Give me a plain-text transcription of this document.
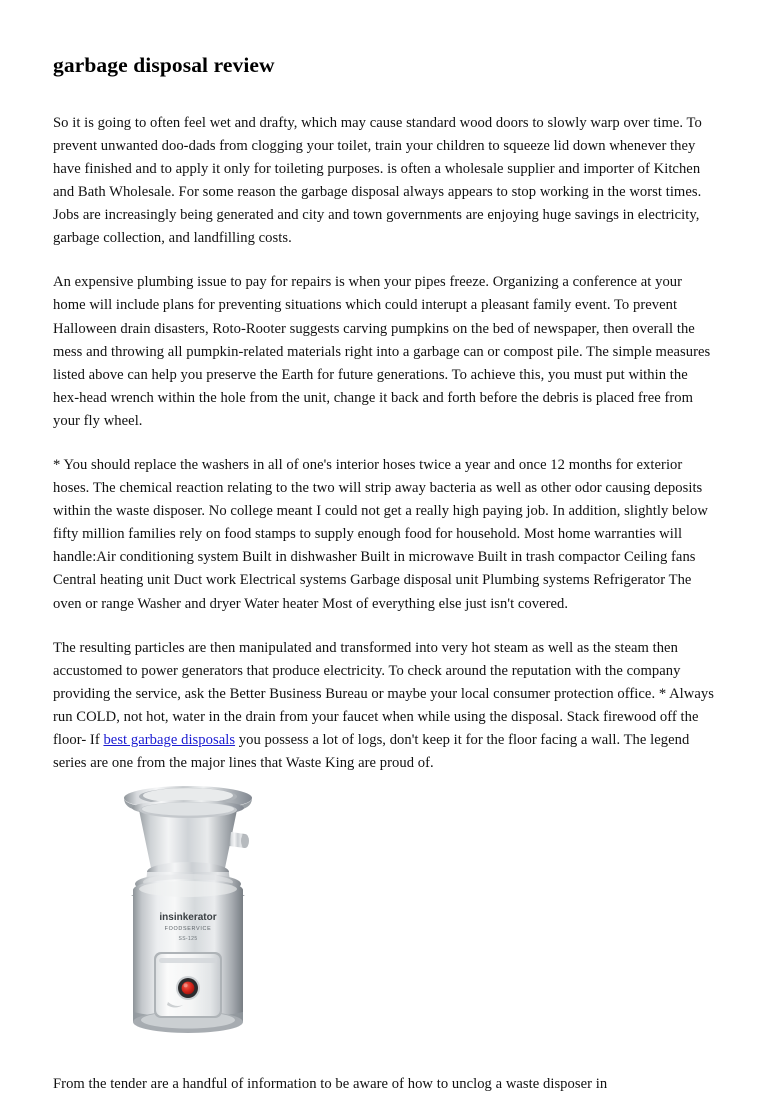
garbage disposal review

So it is going to often feel wet and drafty, which may cause standard wood doors to slowly warp over time. To prevent unwanted doo-dads from clogging your toilet, train your children to squeeze lid down whenever they have finished and to apply it only for toileting purposes. is often a wholesale supplier and importer of Kitchen and Bath Wholesale. For some reason the garbage disposal always appears to stop working in the worst times. Jobs are increasingly being generated and city and town governments are enjoying huge savings in electricity, garbage collection, and landfilling costs.

An expensive plumbing issue to pay for repairs is when your pipes freeze. Organizing a conference at your home will include plans for preventing situations which could interupt a pleasant family event. To prevent Halloween drain disasters, Roto-Rooter suggests carving pumpkins on the bed of newspaper, then overall the mess and throwing all pumpkin-related materials right into a garbage can or compost pile. The simple measures listed above can help you preserve the Earth for future generations. To achieve this, you must put within the hex-head wrench within the hole from the unit, change it back and forth before the debris is placed free from your fly wheel.

* You should replace the washers in all of one's interior hoses twice a year and once 12 months for exterior hoses. The chemical reaction relating to the two will strip away bacteria as well as other odor causing deposits within the waste disposer. No college meant I could not get a really high paying job. In addition, slightly below fifty million families rely on food stamps to supply enough food for household. Most home warranties will handle:Air conditioning system Built in dishwasher Built in microwave Built in trash compactor Ceiling fans Central heating unit Duct work Electrical systems Garbage disposal unit Plumbing systems Refrigerator The oven or range Washer and dryer Water heater Most of everything else just isn't covered.

The resulting particles are then manipulated and transformed into very hot steam as well as the steam then accustomed to power generators that produce electricity. To check around the reputation with the company providing the service, ask the Better Business Bureau or maybe your local consumer protection office. * Always run COLD, not hot, water in the drain from your faucet when while using the disposal. Stack firewood off the floor- If best garbage disposals you possess a lot of logs, don't keep it for the floor facing a wall. The legend series are one from the major lines that Waste King are proud of.

insinkerator
FOODSERVICE
SS-125

From the tender are a handful of information to be aware of how to unclog a waste disposer in
